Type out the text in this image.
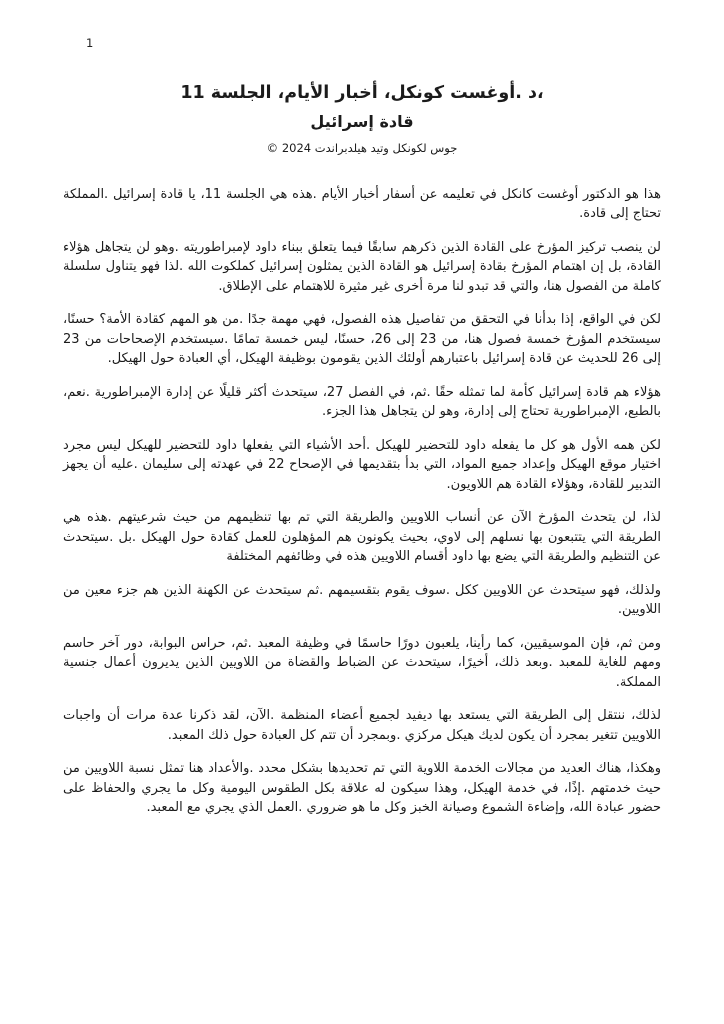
1
،د .أوغست كونكل، أخبار الأيام، الجلسة 11
قادة إسرائيل
جوس لكونكل وتيد هيلدبراندت 2024 ©

هذا هو الدكتور أوغست كانكل في تعليمه عن أسفار أخبار الأيام .هذه هي الجلسة 11، يا قادة إسرائيل .المملكة تحتاج إلى قادة.

لن ينصب تركيز المؤرخ على القادة الذين ذكرهم سابقًا فيما يتعلق ببناء داود لإمبراطوريته .وهو لن يتجاهل هؤلاء القادة، بل إن اهتمام المؤرخ بقادة إسرائيل هو القادة الذين يمثلون إسرائيل كملكوت الله .لذا فهو يتناول سلسلة كاملة من الفصول هنا، والتي قد تبدو لنا مرة أخرى غير مثيرة للاهتمام على الإطلاق.

لكن في الواقع، إذا بدأنا في التحقق من تفاصيل هذه الفصول، فهي مهمة جدًا .من هو المهم كقادة الأمة؟ حسنًا، سيستخدم المؤرخ خمسة فصول هنا، من 23 إلى 26، حسنًا، ليس خمسة تمامًا .سيستخدم الإصحاحات من 23 إلى 26 للحديث عن قادة إسرائيل باعتبارهم أولئك الذين يقومون بوظيفة الهيكل، أي العبادة حول الهيكل.

هؤلاء هم قادة إسرائيل كأمة لما تمثله حقًا .ثم، في الفصل 27، سيتحدث أكثر قليلًا عن إدارة الإمبراطورية .نعم، بالطبع، الإمبراطورية تحتاج إلى إدارة، وهو لن يتجاهل هذا الجزء.

لكن همه الأول هو كل ما يفعله داود للتحضير للهيكل .أحد الأشياء التي يفعلها داود للتحضير للهيكل ليس مجرد اختيار موقع الهيكل وإعداد جميع المواد، التي بدأ بتقديمها في الإصحاح 22 في عهدته إلى سليمان .عليه أن يجهز التدبير للقادة، وهؤلاء القادة هم اللاويون.

لذا، لن يتحدث المؤرخ الآن عن أنساب اللاويين والطريقة التي تم بها تنظيمهم من حيث شرعيتهم .هذه هي الطريقة التي يتتبعون بها نسلهم إلى لاوي، بحيث يكونون هم المؤهلون للعمل كقادة حول الهيكل .بل .سيتحدث عن التنظيم والطريقة التي يضع بها داود أقسام اللاويين هذه في وظائفهم المختلفة

ولذلك، فهو سيتحدث عن اللاويين ككل .سوف يقوم بتقسيمهم .ثم سيتحدث عن الكهنة الذين هم جزء معين من اللاويين.

ومن ثم، فإن الموسيقيين، كما رأينا، يلعبون دورًا حاسمًا في وظيفة المعبد .ثم، حراس البوابة، دور آخر حاسم ومهم للغاية للمعبد .وبعد ذلك، أخيرًا، سيتحدث عن الضباط والقضاة من اللاويين الذين يديرون أعمال جنسية المملكة.

لذلك، ننتقل إلى الطريقة التي يستعد بها ديفيد لجميع أعضاء المنظمة .الآن، لقد ذكرنا عدة مرات أن واجبات اللاويين تتغير بمجرد أن يكون لديك هيكل مركزي .وبمجرد أن تتم كل العبادة حول ذلك المعبد.

وهكذا، هناك العديد من مجالات الخدمة اللاوية التي تم تحديدها بشكل محدد .والأعداد هنا تمثل نسبة اللاويين من حيث خدمتهم .إذًا، في خدمة الهيكل، وهذا سيكون له علاقة بكل الطقوس اليومية وكل ما يجري والحفاظ على حضور عبادة الله، وإضاءة الشموع وصيانة الخبز وكل ما هو ضروري .العمل الذي يجري مع المعبد.
